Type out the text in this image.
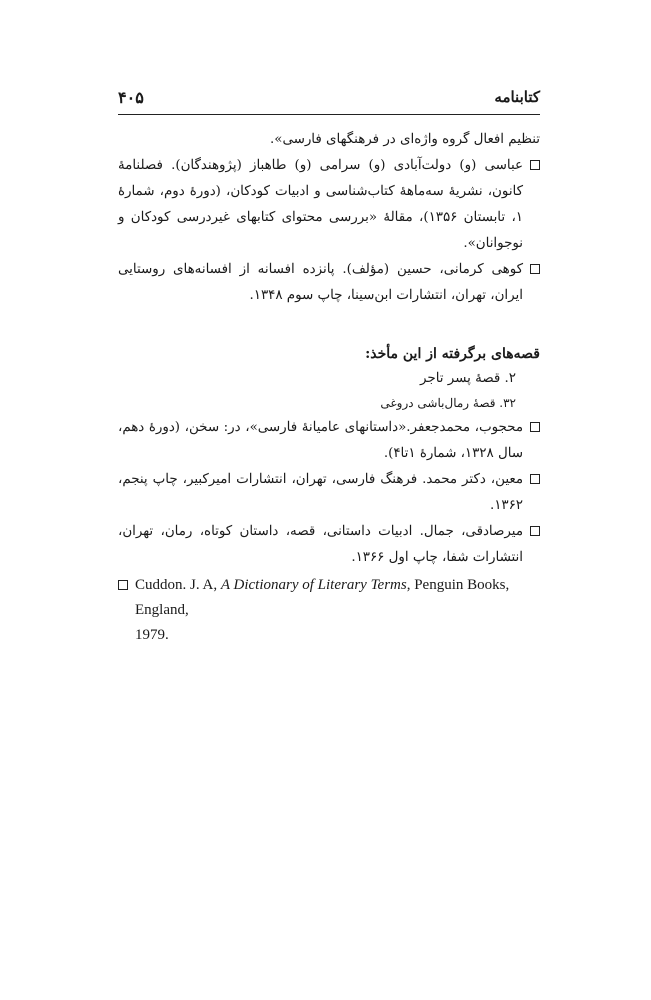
کتابنامه
۴۰۵

تنظیم افعال گروه واژه‌ای در فرهنگهای فارسی».

عباسی (و) دولت‌آبادی (و) سرامی (و) طاهباز (پژوهندگان). فصلنامهٔ کانون، نشریهٔ سه‌ماههٔ کتاب‌شناسی و ادبیات کودکان، (دورهٔ دوم، شمارهٔ ۱، تابستان ۱۳۵۶)، مقالهٔ «بررسی محتوای کتابهای غیردرسی کودکان و نوجوانان».
کوهی کرمانی، حسین (مؤلف). پانزده افسانه از افسانه‌های روستایی ایران، تهران، انتشارات ابن‌سینا، چاپ سوم ۱۳۴۸.
قصه‌های برگرفته از این مأخذ:
۲. قصهٔ پسر تاجر
۳۲. قصهٔ رمال‌باشی دروغی
محجوب، محمدجعفر.«داستانهای عامیانهٔ فارسی»، در: سخن، (دورهٔ دهم، سال ۱۳۲۸، شمارهٔ ۱تا۴).
معین، دکتر محمد. فرهنگ فارسی، تهران، انتشارات امیرکبیر، چاپ پنجم، ۱۳۶۲.
میرصادقی، جمال. ادبیات داستانی، قصه، داستان کوتاه، رمان، تهران، انتشارات شفا، چاپ اول ۱۳۶۶.
Cuddon. J. A, A Dictionary of Literary Terms, Penguin Books, England,
1979.
